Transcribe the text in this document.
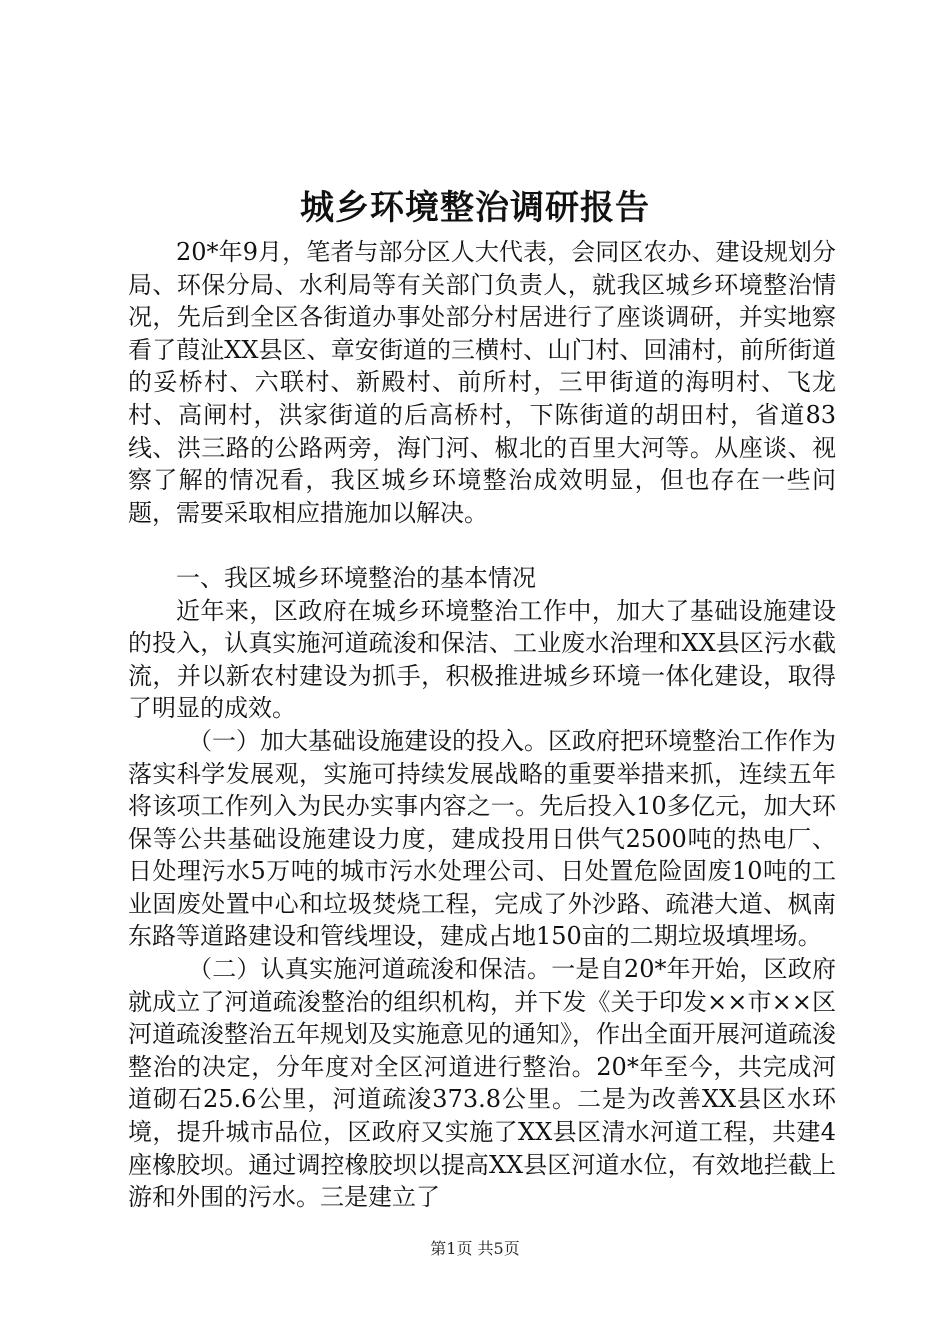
城乡环境整治调研报告

20*年9月，笔者与部分区人大代表，会同区农办、建设规划分局、环保分局、水利局等有关部门负责人，就我区城乡环境整治情况，先后到全区各街道办事处部分村居进行了座谈调研，并实地察看了葭沚XX县区、章安街道的三横村、山门村、回浦村，前所街道的妥桥村、六联村、新殿村、前所村，三甲街道的海明村、飞龙村、高闸村，洪家街道的后高桥村，下陈街道的胡田村，省道83线、洪三路的公路两旁，海门河、椒北的百里大河等。从座谈、视察了解的情况看，我区城乡环境整治成效明显，但也存在一些问题，需要采取相应措施加以解决。

一、我区城乡环境整治的基本情况

近年来，区政府在城乡环境整治工作中，加大了基础设施建设的投入，认真实施河道疏浚和保洁、工业废水治理和XX县区污水截流，并以新农村建设为抓手，积极推进城乡环境一体化建设，取得了明显的成效。

（一）加大基础设施建设的投入。区政府把环境整治工作作为落实科学发展观，实施可持续发展战略的重要举措来抓，连续五年将该项工作列入为民办实事内容之一。先后投入10多亿元，加大环保等公共基础设施建设力度，建成投用日供气2500吨的热电厂、日处理污水5万吨的城市污水处理公司、日处置危险固废10吨的工业固废处置中心和垃圾焚烧工程，完成了外沙路、疏港大道、枫南东路等道路建设和管线埋设，建成占地150亩的二期垃圾填埋场。

（二）认真实施河道疏浚和保洁。一是自20*年开始，区政府就成立了河道疏浚整治的组织机构，并下发《关于印发××市××区河道疏浚整治五年规划及实施意见的通知》，作出全面开展河道疏浚整治的决定，分年度对全区河道进行整治。20*年至今，共完成河道砌石25.6公里，河道疏浚373.8公里。二是为改善XX县区水环境，提升城市品位，区政府又实施了XX县区清水河道工程，共建4座橡胶坝。通过调控橡胶坝以提高XX县区河道水位，有效地拦截上游和外围的污水。三是建立了

第1页 共5页
